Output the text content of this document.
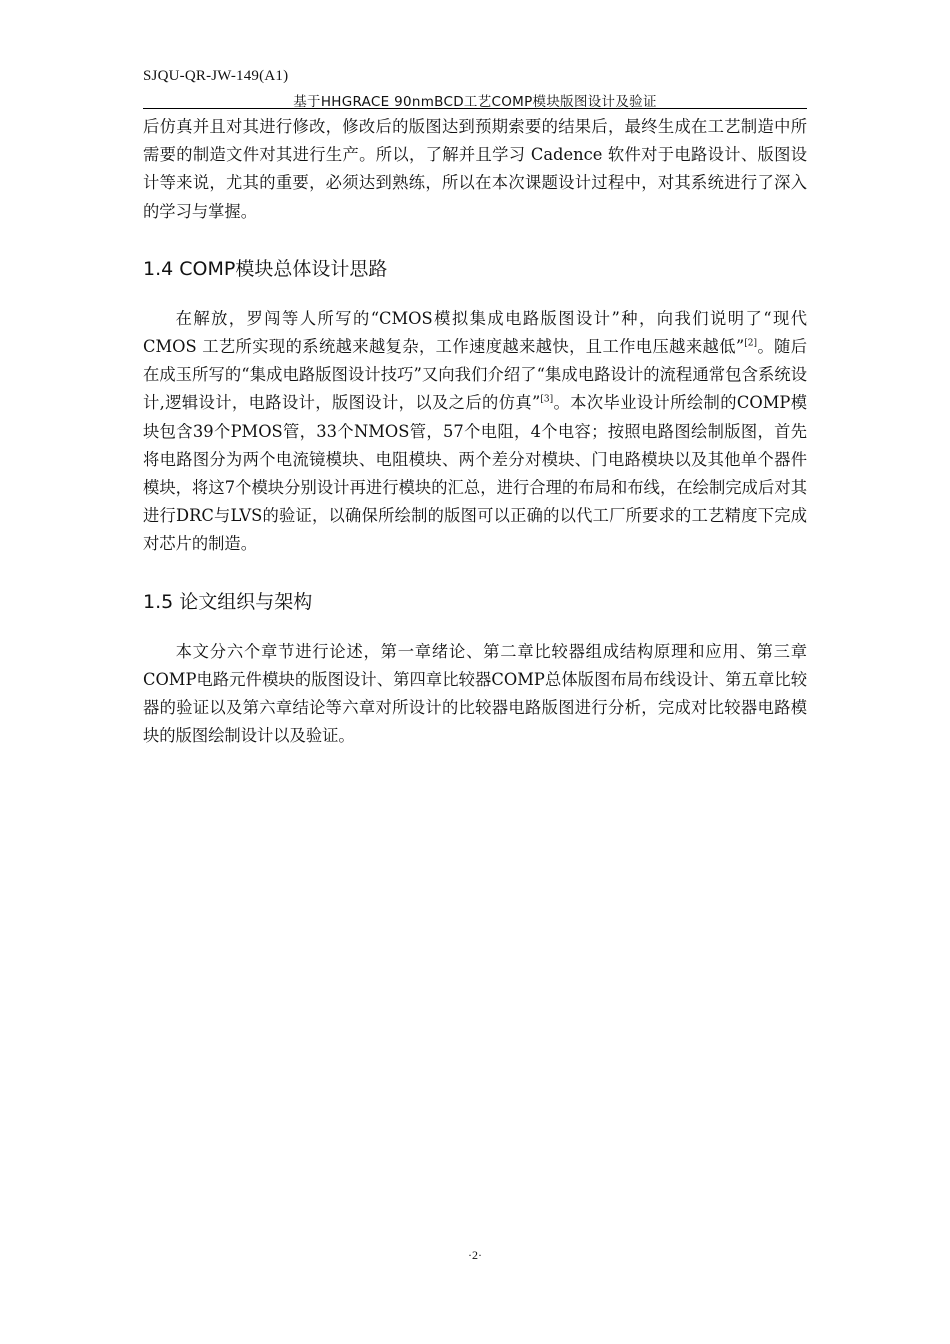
SJQU-QR-JW-149(A1)
基于HHGRACE 90nmBCD工艺COMP模块版图设计及验证

后仿真并且对其进行修改，修改后的版图达到预期索要的结果后，最终生成在工艺制造中所需要的制造文件对其进行生产。所以，了解并且学习 Cadence 软件对于电路设计、版图设计等来说，尤其的重要，必须达到熟练，所以在本次课题设计过程中，对其系统进行了深入的学习与掌握。

1.4 COMP模块总体设计思路

在解放，罗闯等人所写的“CMOS模拟集成电路版图设计”种，向我们说明了“现代 CMOS 工艺所实现的系统越来越复杂，工作速度越来越快，且工作电压越来越低”[2]。随后在成玉所写的“集成电路版图设计技巧”又向我们介绍了“集成电路设计的流程通常包含系统设计,逻辑设计，电路设计，版图设计，以及之后的仿真”[3]。本次毕业设计所绘制的COMP模块包含39个PMOS管，33个NMOS管，57个电阻，4个电容；按照电路图绘制版图，首先将电路图分为两个电流镜模块、电阻模块、两个差分对模块、门电路模块以及其他单个器件模块，将这7个模块分别设计再进行模块的汇总，进行合理的布局和布线，在绘制完成后对其进行DRC与LVS的验证，以确保所绘制的版图可以正确的以代工厂所要求的工艺精度下完成对芯片的制造。

1.5 论文组织与架构

本文分六个章节进行论述，第一章绪论、第二章比较器组成结构原理和应用、第三章COMP电路元件模块的版图设计、第四章比较器COMP总体版图布局布线设计、第五章比较器的验证以及第六章结论等六章对所设计的比较器电路版图进行分析，完成对比较器电路模块的版图绘制设计以及验证。

·2·
